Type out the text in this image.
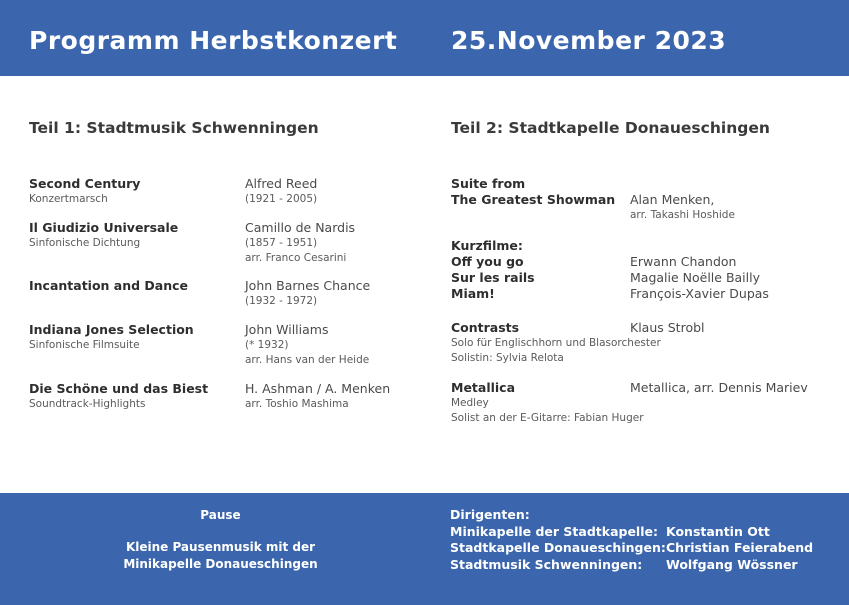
Programm Herbstkonzert 25.November 2023
Teil 1: Stadtmusik Schwenningen
Second Century
Konzertmarsch
Alfred Reed
(1921 - 2005)
Il Giudizio Universale
Sinfonische Dichtung
Camillo de Nardis
(1857 - 1951)
arr. Franco Cesarini
Incantation and Dance	John Barnes Chance
(1932 - 1972)
Indiana Jones Selection
Sinfonische Filmsuite
John Williams
(* 1932)
arr. Hans van der Heide
Die Schöne und das Biest
Soundtrack-Highlights
H. Ashman / A. Menken
arr. Toshio Mashima
Teil 2: Stadtkapelle Donaueschingen
Suite from
The Greatest Showman Alan Menken,
arr. Takashi Hoshide
Kurzfilme:
Off you go
Sur les rails
Miam!
Erwann Chandon
Magalie Noëlle Bailly
François-Xavier Dupas
Contrasts
Solo für Englischhorn und Blasorchester
Solistin: Sylvia Relota
Klaus Strobl
Metallica
Medley
Solist an der E-Gitarre: Fabian Huger
Metallica, arr. Dennis Mariev
Pause
Kleine Pausenmusik mit der
Minikapelle Donaueschingen
Dirigenten:
Minikapelle der Stadtkapelle: Konstantin Ott
Stadtkapelle Donaueschingen:Christian Feierabend
Stadtmusik Schwenningen: Wolfgang Wössner
